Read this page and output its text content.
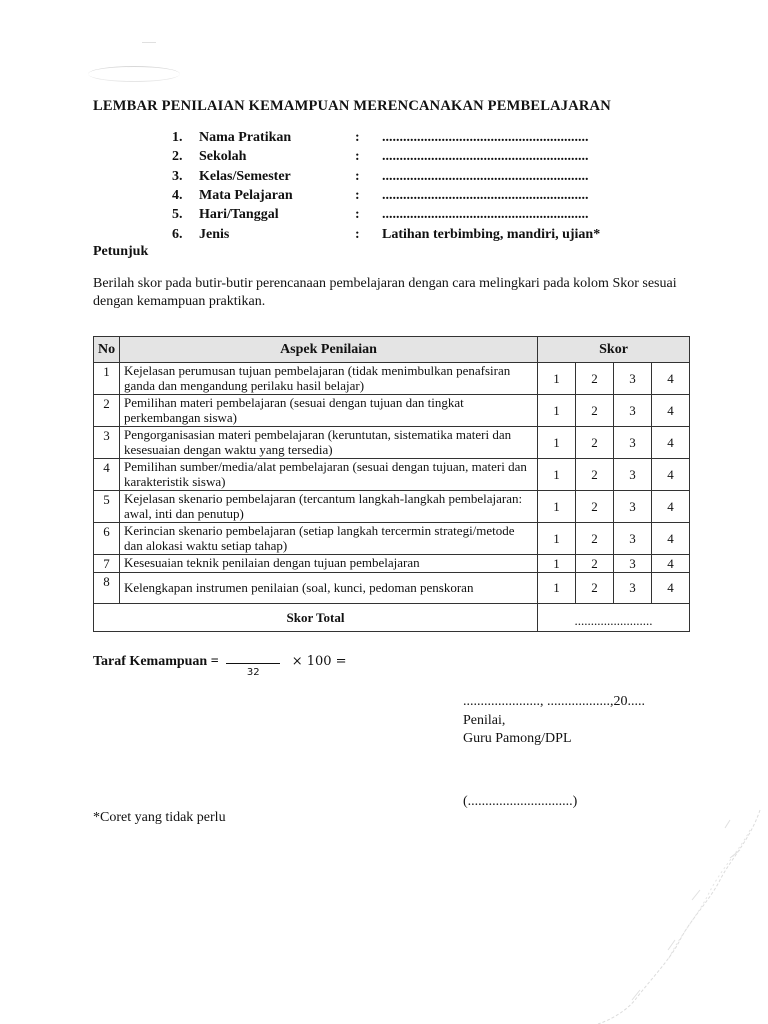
LEMBAR PENILAIAN KEMAMPUAN MERENCANAKAN PEMBELAJARAN
1.	Nama Pratikan	:	...........................................................
2.	Sekolah	:	...........................................................
3.	Kelas/Semester	:	...........................................................
4.	Mata Pelajaran	:	...........................................................
5.	Hari/Tanggal	:	...........................................................
6.	Jenis	:	Latihan terbimbing, mandiri, ujian*
Petunjuk
Berilah skor pada butir-butir perencanaan pembelajaran dengan cara melingkari pada kolom Skor sesuai dengan kemampuan praktikan.
No	Aspek Penilaian	Skor			
1	Kejelasan perumusan tujuan pembelajaran (tidak menimbulkan penafsiran ganda dan mengandung perilaku hasil belajar)	1	2	3	4
2	Pemilihan materi pembelajaran (sesuai dengan tujuan dan tingkat perkembangan siswa)	1	2	3	4
3	Pengorganisasian materi pembelajaran (keruntutan, sistematika materi dan kesesuaian dengan waktu yang tersedia)	1	2	3	4
4	Pemilihan sumber/media/alat pembelajaran (sesuai dengan tujuan, materi dan karakteristik siswa)	1	2	3	4
5	Kejelasan skenario pembelajaran (tercantum langkah-langkah pembelajaran: awal, inti dan penutup)	1	2	3	4
6	Kerincian skenario pembelajaran (setiap langkah tercermin strategi/metode dan alokasi waktu setiap tahap)	1	2	3	4
7	Kesesuaian teknik penilaian dengan tujuan pembelajaran	1	2	3	4
8	Kelengkapan instrumen penilaian (soal, kunci, pedoman penskoran	1	2	3	4
Skor Total		........................			
Taraf Kemampuan =
32
× 100 =
......................, ..................,20.....
Penilai,
Guru Pamong/DPL
(..............................)
*Coret yang tidak perlu
